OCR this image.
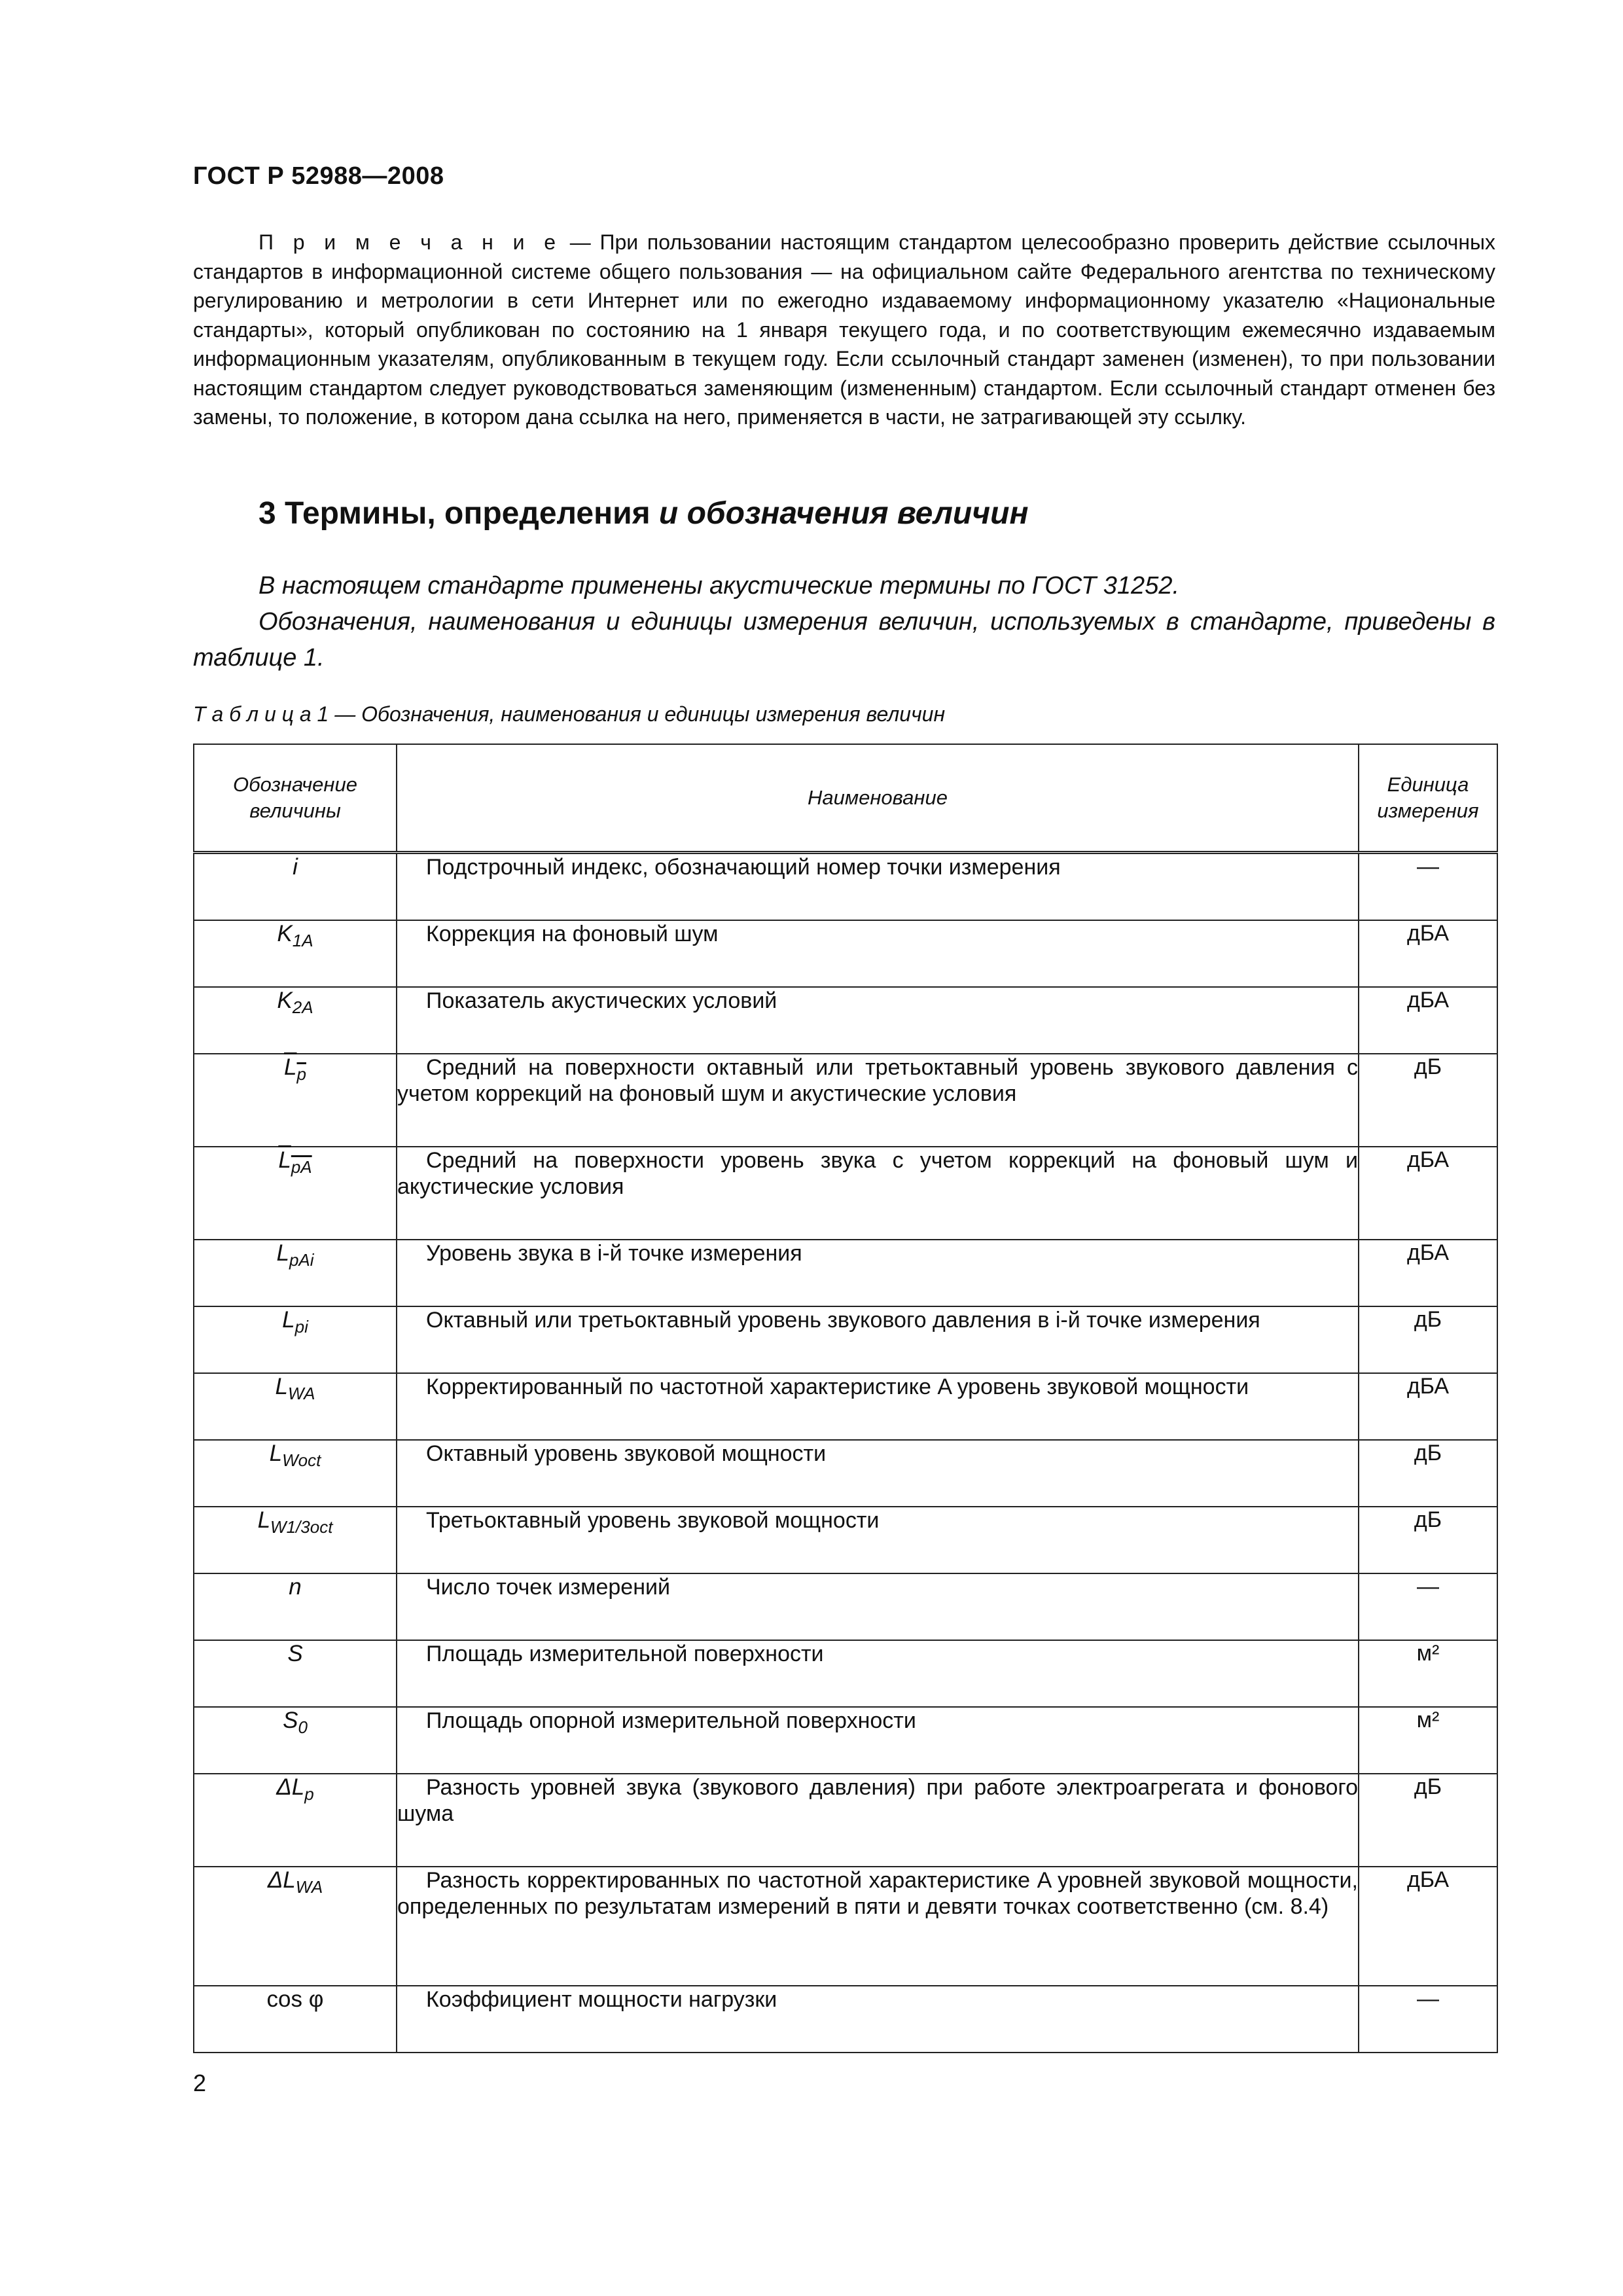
ГОСТ Р 52988—2008

П р и м е ч а н и е — При пользовании настоящим стандартом целесообразно проверить действие ссылочных стандартов в информационной системе общего пользования — на официальном сайте Федерального агентства по техническому регулированию и метрологии в сети Интернет или по ежегодно издаваемому информационному указателю «Национальные стандарты», который опубликован по состоянию на 1 января текущего года, и по соответствующим ежемесячно издаваемым информационным указателям, опубликованным в текущем году. Если ссылочный стандарт заменен (изменен), то при пользовании настоящим стандартом следует руководствоваться заменяющим (измененным) стандартом. Если ссылочный стандарт отменен без замены, то положение, в котором дана ссылка на него, применяется в части, не затрагивающей эту ссылку.

3 Термины, определения и обозначения величин

В настоящем стандарте применены акустические термины по ГОСТ 31252.

Обозначения, наименования и единицы измерения величин, используемых в стандарте, приведены в таблице 1.

Т а б л и ц а 1 — Обозначения, наименования и единицы измерения величин
Обозначение величины	Наименование	Единица измерения
i	Подстрочный индекс, обозначающий номер точки измерения	—
$K_{1A}$	Коррекция на фоновый шум	дБА
$K_{2A}$	Показатель акустических условий	дБА
$L_p$	Средний на поверхности октавный или третьоктавный уровень звукового давления с учетом коррекций на фоновый шум и акустические условия	дБ
$L_{pA}$	Средний на поверхности уровень звука с учетом коррекций на фоновый шум и акустические условия	дБА
$L_{pAi}$	Уровень звука в i-й точке измерения	дБА
$L_{pi}$	Октавный или третьоктавный уровень звукового давления в i-й точке измерения	дБ
$L_{WA}$	Корректированный по частотной характеристике A уровень звуковой мощности	дБА
$L_{Woct}$	Октавный уровень звуковой мощности	дБ
$L_{W1/3oct}$	Третьоктавный уровень звуковой мощности	дБ
n	Число точек измерений	—
S	Площадь измерительной поверхности	м²
$S_0$	Площадь опорной измерительной поверхности	м²
$\Delta L_p$	Разность уровней звука (звукового давления) при работе электроагрегата и фонового шума	дБ
$\Delta L_{WA}$	Разность корректированных по частотной характеристике A уровней звуковой мощности, определенных по результатам измерений в пяти и девяти точках соответственно (см. 8.4)	дБА
cos φ	Коэффициент мощности нагрузки	—
2
